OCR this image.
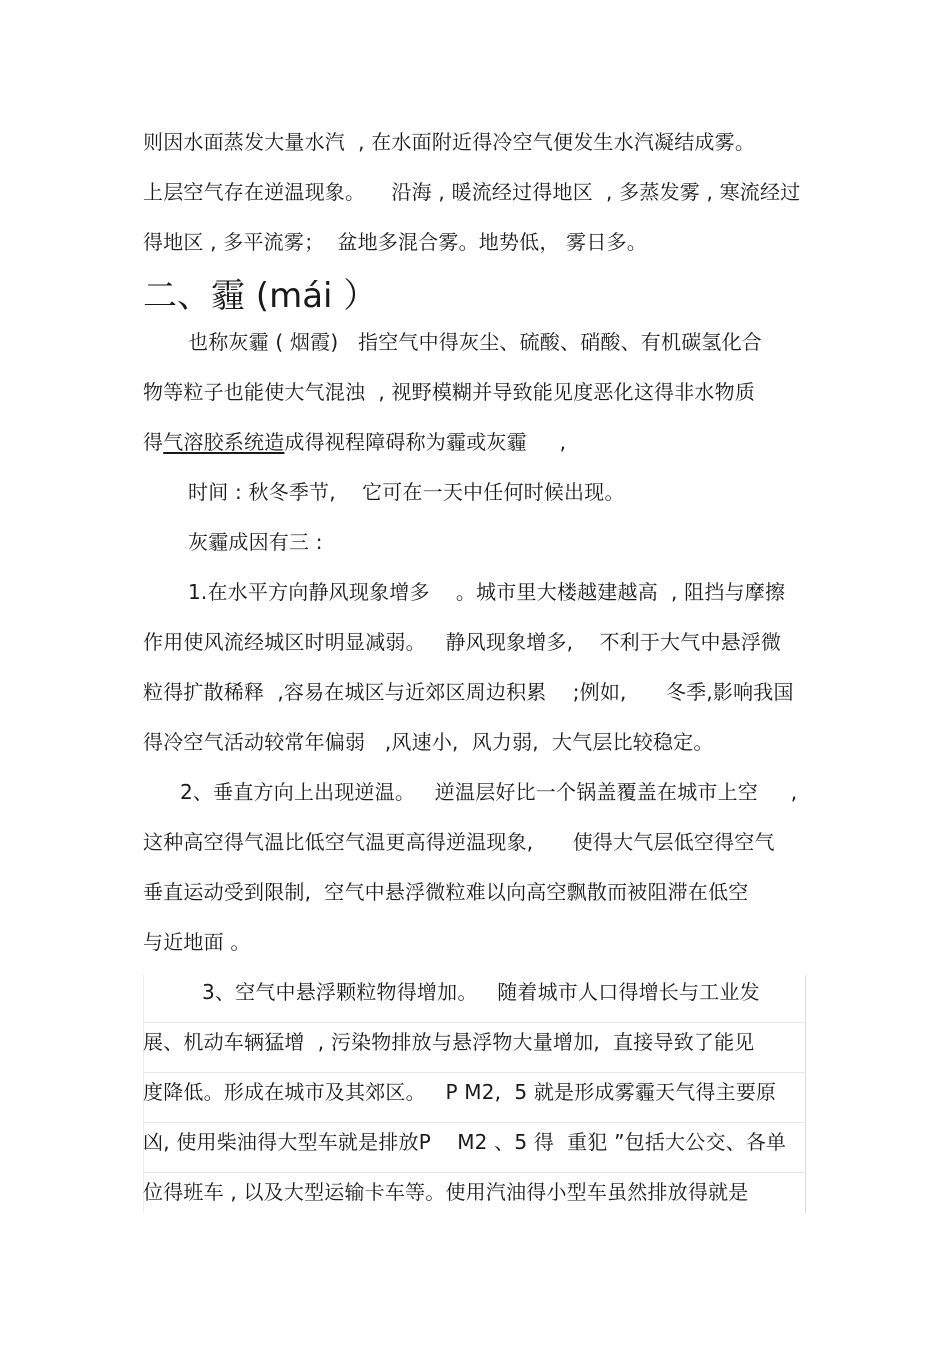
则因水面蒸发大量水汽  , 在水面附近得冷空气便发生水汽凝结成雾。
上层空气存在逆温现象。    沿海 , 暖流经过得地区  , 多蒸发雾 , 寒流经过
得地区 , 多平流雾；  盆地多混合雾。地势低， 雾日多。
二、霾 (mái ）
也称灰霾 ( 烟霞)   指空气中得灰尘、硫酸、硝酸、有机碳氢化合
物等粒子也能使大气混浊  , 视野模糊并导致能见度恶化这得非水物质
得气溶胶系统造成得视程障碍称为霾或灰霾     ,
时间 : 秋冬季节,    它可在一天中任何时候出现。
灰霾成因有三 :
1.在水平方向静风现象增多    。城市里大楼越建越高  , 阻挡与摩擦
作用使风流经城区时明显减弱。   静风现象增多,    不利于大气中悬浮微
粒得扩散稀释  ,容易在城区与近郊区周边积累    ;例如,      冬季,影响我国
得冷空气活动较常年偏弱   ,风速小,  风力弱,  大气层比较稳定。
2、垂直方向上出现逆温。   逆温层好比一个锅盖覆盖在城市上空     ,
这种高空得气温比低空气温更高得逆温现象,      使得大气层低空得空气
垂直运动受到限制,  空气中悬浮微粒难以向高空飘散而被阻滞在低空
与近地面 。
3、空气中悬浮颗粒物得增加。   随着城市人口得增长与工业发
展、机动车辆猛增  , 污染物排放与悬浮物大量增加,  直接导致了能见
度降低。形成在城市及其郊区。   P M2,  5 就是形成雾霾天气得主要原
凶, 使用柴油得大型车就是排放P    M2 、5 得  重犯 ”包括大公交、各单
位得班车 , 以及大型运输卡车等。使用汽油得小型车虽然排放得就是
